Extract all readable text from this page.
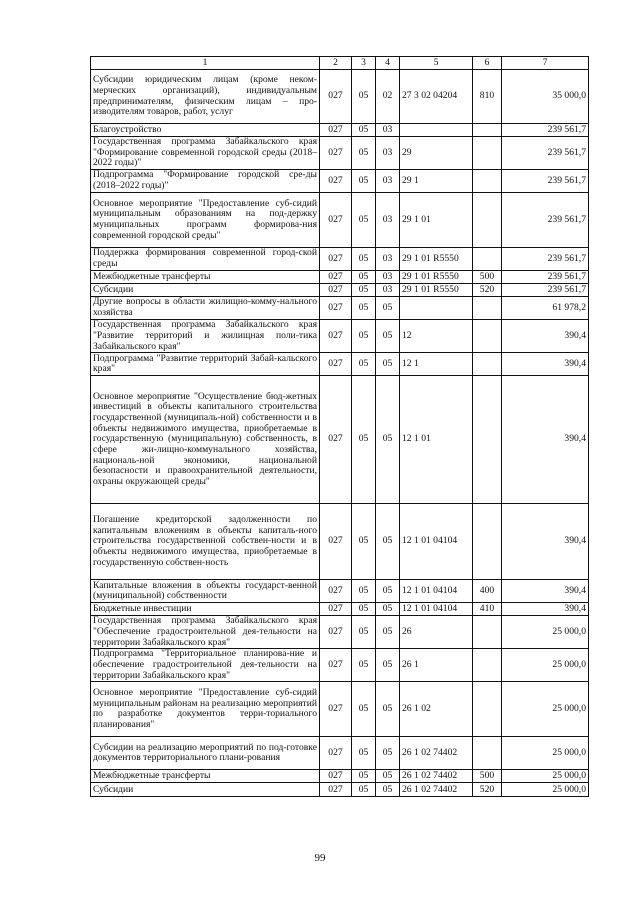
1	2	3	4	5	6	7
Субсидии юридическим лицам (кроме неком-мерческих организаций), индивидуальным предпринимателям, физическим лицам – про-изводителям товаров, работ, услуг	027	05	02	27 3 02 04204	810	35 000,0
Благоустройство	027	05	03			239 561,7
Государственная программа Забайкальского края "Формирование современной городской среды (2018–2022 годы)"	027	05	03	29		239 561,7
Подпрограмма "Формирование городской сре-ды (2018–2022 годы)"	027	05	03	29 1		239 561,7
Основное мероприятие "Предоставление суб-сидий муниципальным образованиям на под-держку муниципальных программ формирова-ния современной городской среды"	027	05	03	29 1 01		239 561,7
Поддержка формирования современной город-ской среды	027	05	03	29 1 01 R5550		239 561,7
Межбюджетные трансферты	027	05	03	29 1 01 R5550	500	239 561,7
Субсидии	027	05	03	29 1 01 R5550	520	239 561,7
Другие вопросы в области жилищно-комму-нального хозяйства	027	05	05			61 978,2
Государственная программа Забайкальского края "Развитие территорий и жилищная поли-тика Забайкальского края"	027	05	05	12		390,4
Подпрограмма "Развитие территорий Забай-кальского края"	027	05	05	12 1		390,4
Основное мероприятие "Осуществление бюд-жетных инвестиций в объекты капитального строительства государственной (муниципаль-ной) собственности и в объекты недвижимого имущества, приобретаемые в государственную (муниципальную) собственность, в сфере жи-лищно-коммунального хозяйства, националь-ной экономики, национальной безопасности и правоохранительной деятельности, охраны окружающей среды"	027	05	05	12 1 01		390,4
Погашение кредиторской задолженности по капитальным вложениям в объекты капиталь-ного строительства государственной собствен-ности и в объекты недвижимого имущества, приобретаемые в государственную собствен-ность	027	05	05	12 1 01 04104		390,4
Капитальные вложения в объекты государст-венной (муниципальной) собственности	027	05	05	12 1 01 04104	400	390,4
Бюджетные инвестиции	027	05	05	12 1 01 04104	410	390,4
Государственная программа Забайкальского края "Обеспечение градостроительной дея-тельности на территории Забайкальского края"	027	05	05	26		25 000,0
Подпрограмма "Территориальное планирова-ние и обеспечение градостроительной дея-тельности на территории Забайкальского края"	027	05	05	26 1		25 000,0
Основное мероприятие "Предоставление суб-сидий муниципальным районам на реализацию мероприятий по разработке документов терри-ториального планирования"	027	05	05	26 1 02		25 000,0
Субсидии на реализацию мероприятий по под-готовке документов территориального плани-рования	027	05	05	26 1 02 74402		25 000,0
Межбюджетные трансферты	027	05	05	26 1 02 74402	500	25 000,0
Субсидии	027	05	05	26 1 02 74402	520	25 000,0
99
